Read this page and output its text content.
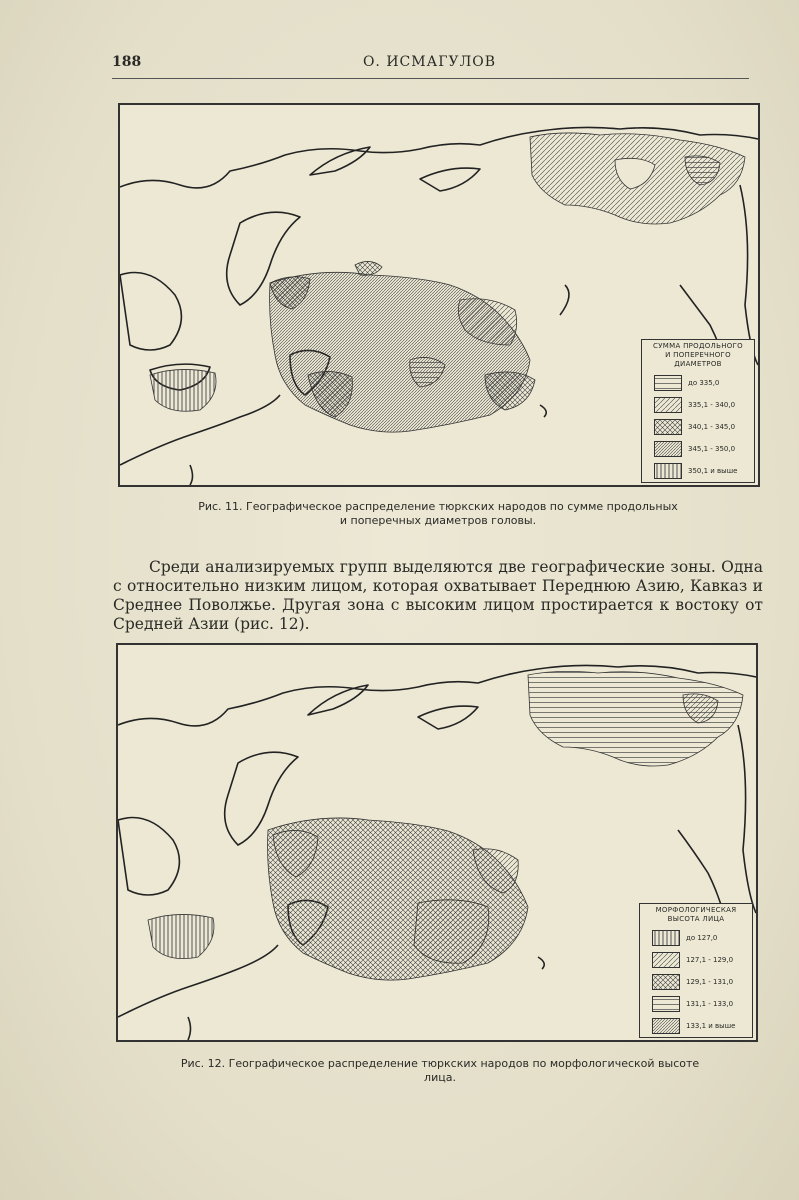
188	О. ИСМАГУЛОВ
СУММА ПРОДОЛЬНОГО
И ПОПЕРЕЧНОГО
ДИАМЕТРОВ
до 335,0
335,1 - 340,0
340,1 - 345,0
345,1 - 350,0
350,1 и выше
Рис. 11. Географическое распределение тюркских народов по сумме продольных
и поперечных диаметров головы.

Среди анализируемых групп выделяются две географические зоны. Одна с относительно низким лицом, которая охватывает Переднюю Азию, Кавказ и Среднее Поволжье. Другая зона с высоким лицом простирается к востоку от Средней Азии (рис. 12).

МОРФОЛОГИЧЕСКАЯ
ВЫСОТА ЛИЦА
до 127,0
127,1 - 129,0
129,1 - 131,0
131,1 - 133,0
133,1 и выше
Рис. 12. Географическое распределение тюркских народов по морфологической высоте
лица.
